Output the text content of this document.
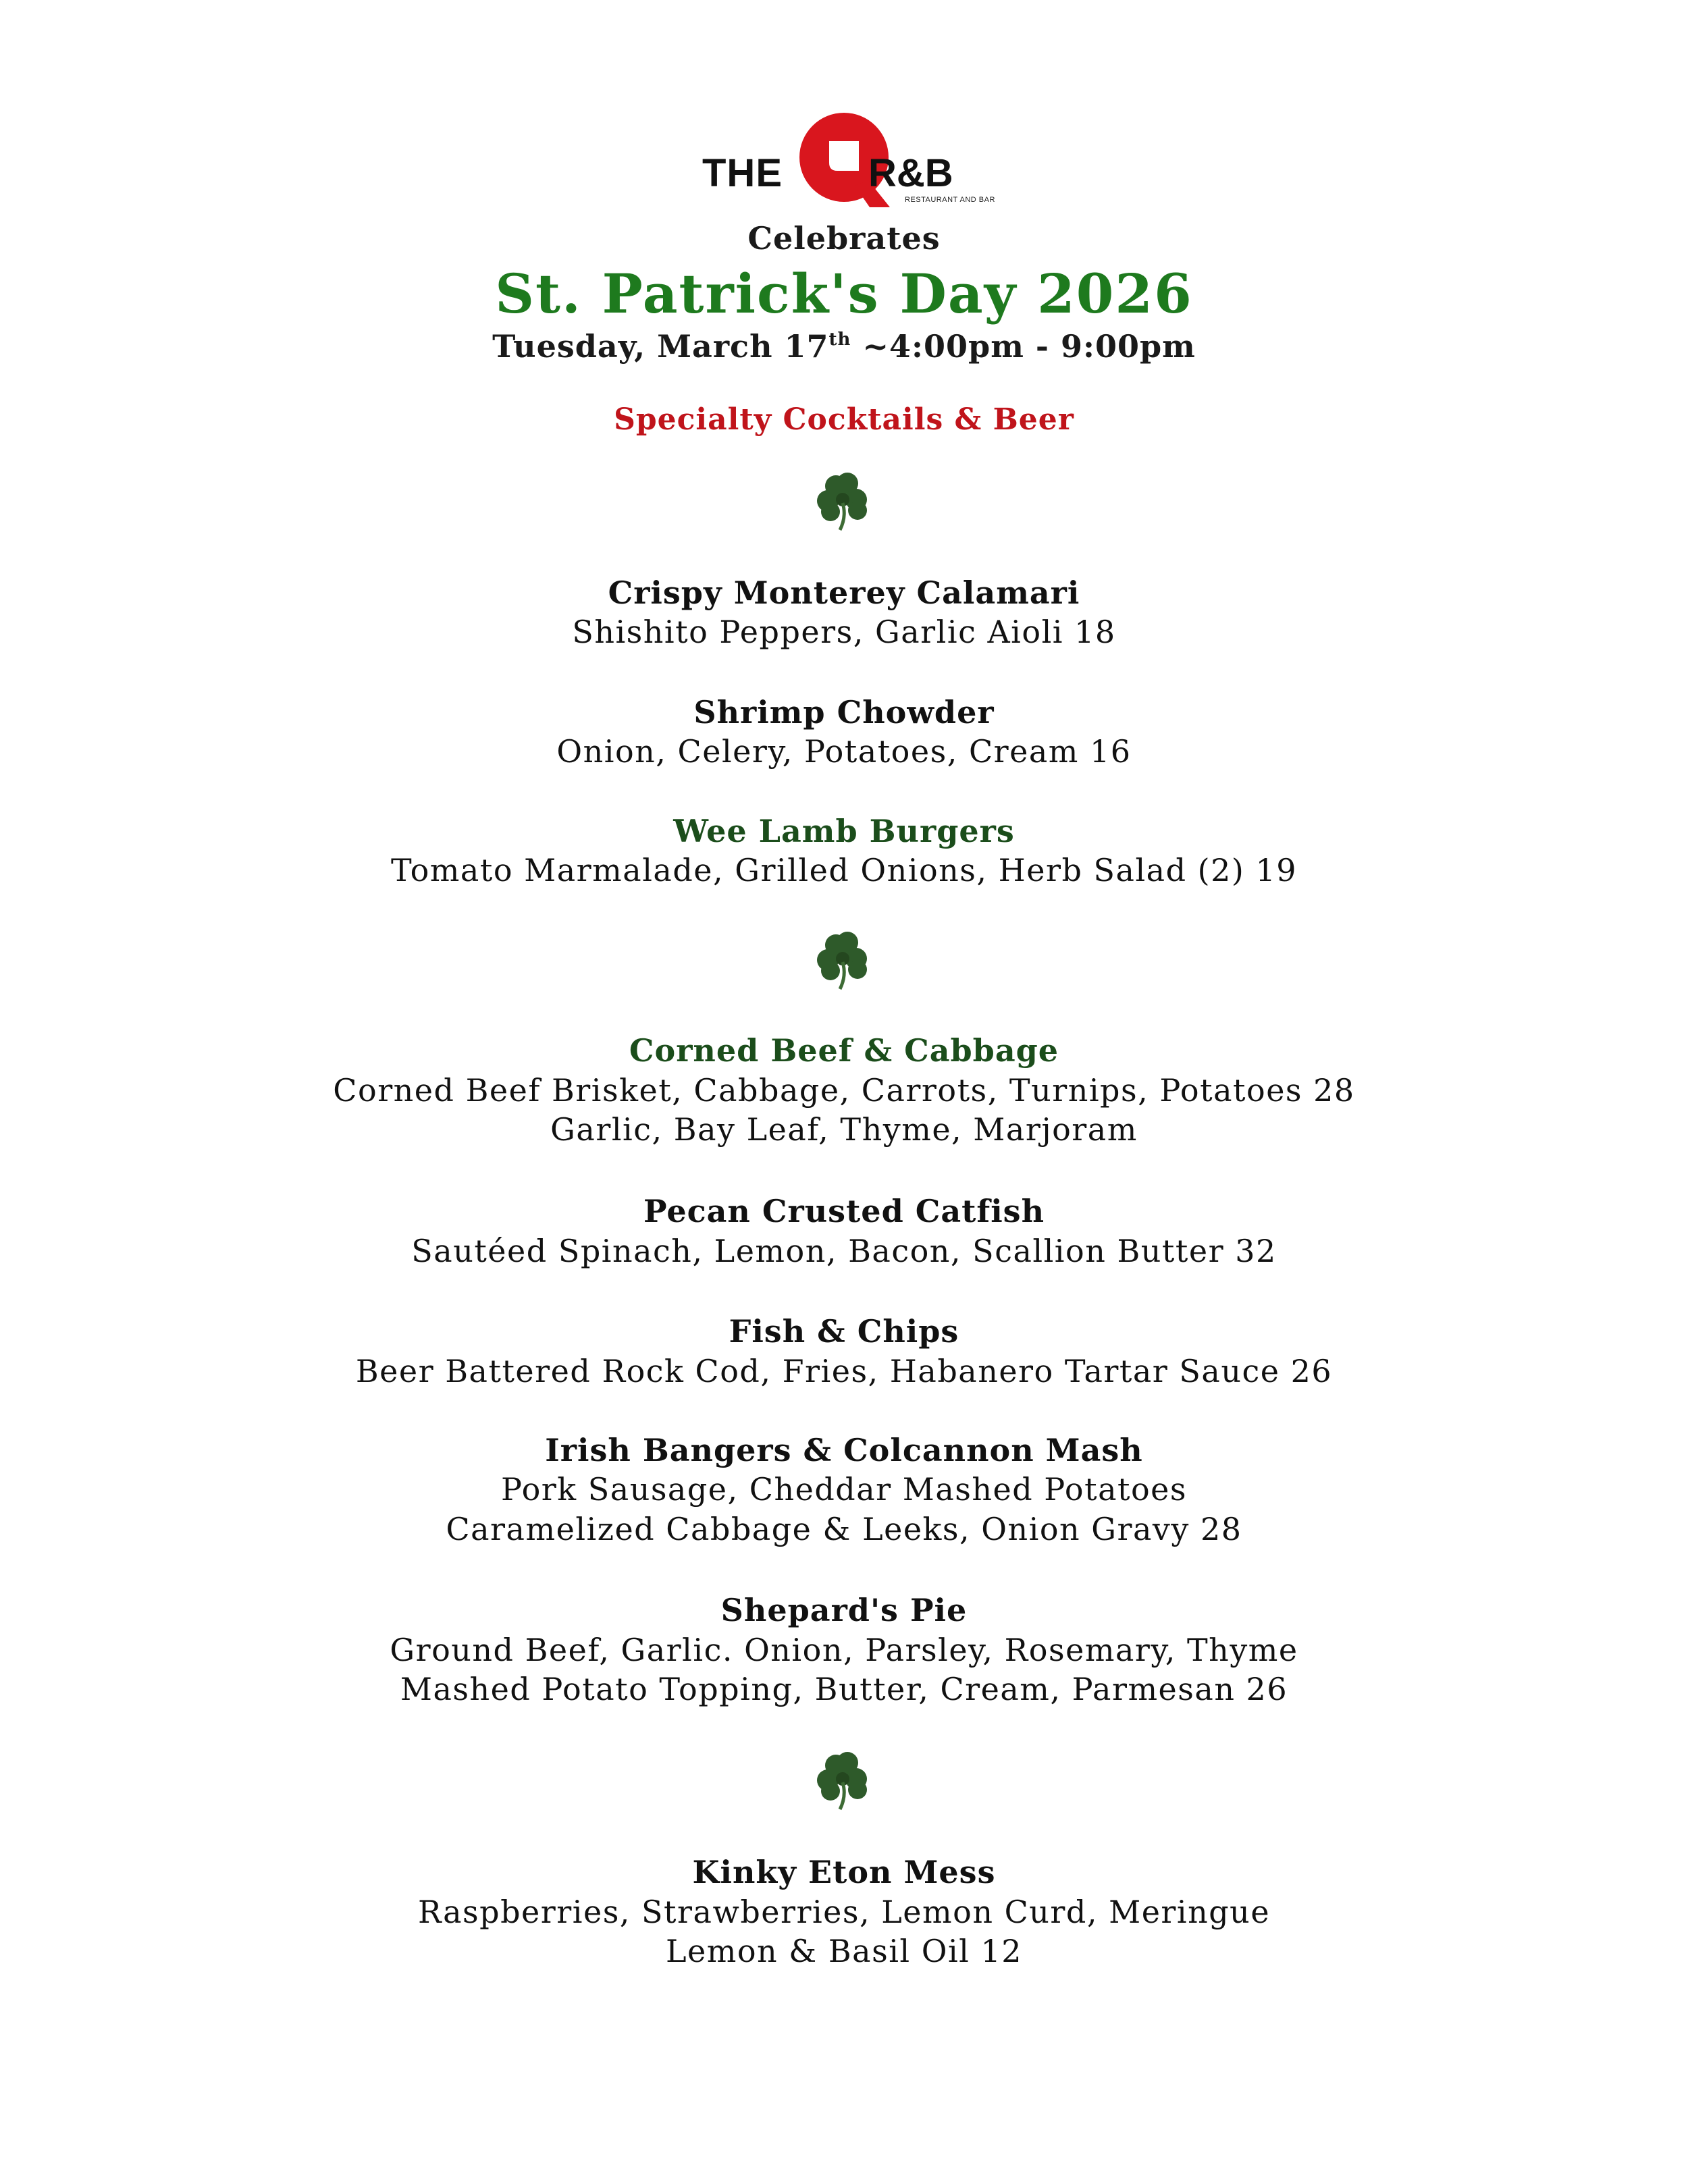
THE R&B
RESTAURANT AND BAR
Celebrates
St. Patrick's Day 2026
Tuesday, March 17th ~4:00pm - 9:00pm
Specialty Cocktails & Beer
Crispy Monterey Calamari
Shishito Peppers, Garlic Aioli 18
Shrimp Chowder
Onion, Celery, Potatoes, Cream 16
Wee Lamb Burgers
Tomato Marmalade, Grilled Onions, Herb Salad (2) 19
Corned Beef & Cabbage
Corned Beef Brisket, Cabbage, Carrots, Turnips, Potatoes 28
Garlic, Bay Leaf, Thyme, Marjoram
Pecan Crusted Catfish
Sautéed Spinach, Lemon, Bacon, Scallion Butter 32
Fish & Chips
Beer Battered Rock Cod, Fries, Habanero Tartar Sauce 26
Irish Bangers & Colcannon Mash
Pork Sausage, Cheddar Mashed Potatoes
Caramelized Cabbage & Leeks, Onion Gravy 28
Shepard's Pie
Ground Beef, Garlic. Onion, Parsley, Rosemary, Thyme
Mashed Potato Topping, Butter, Cream, Parmesan 26
Kinky Eton Mess
Raspberries, Strawberries, Lemon Curd, Meringue
Lemon & Basil Oil 12
